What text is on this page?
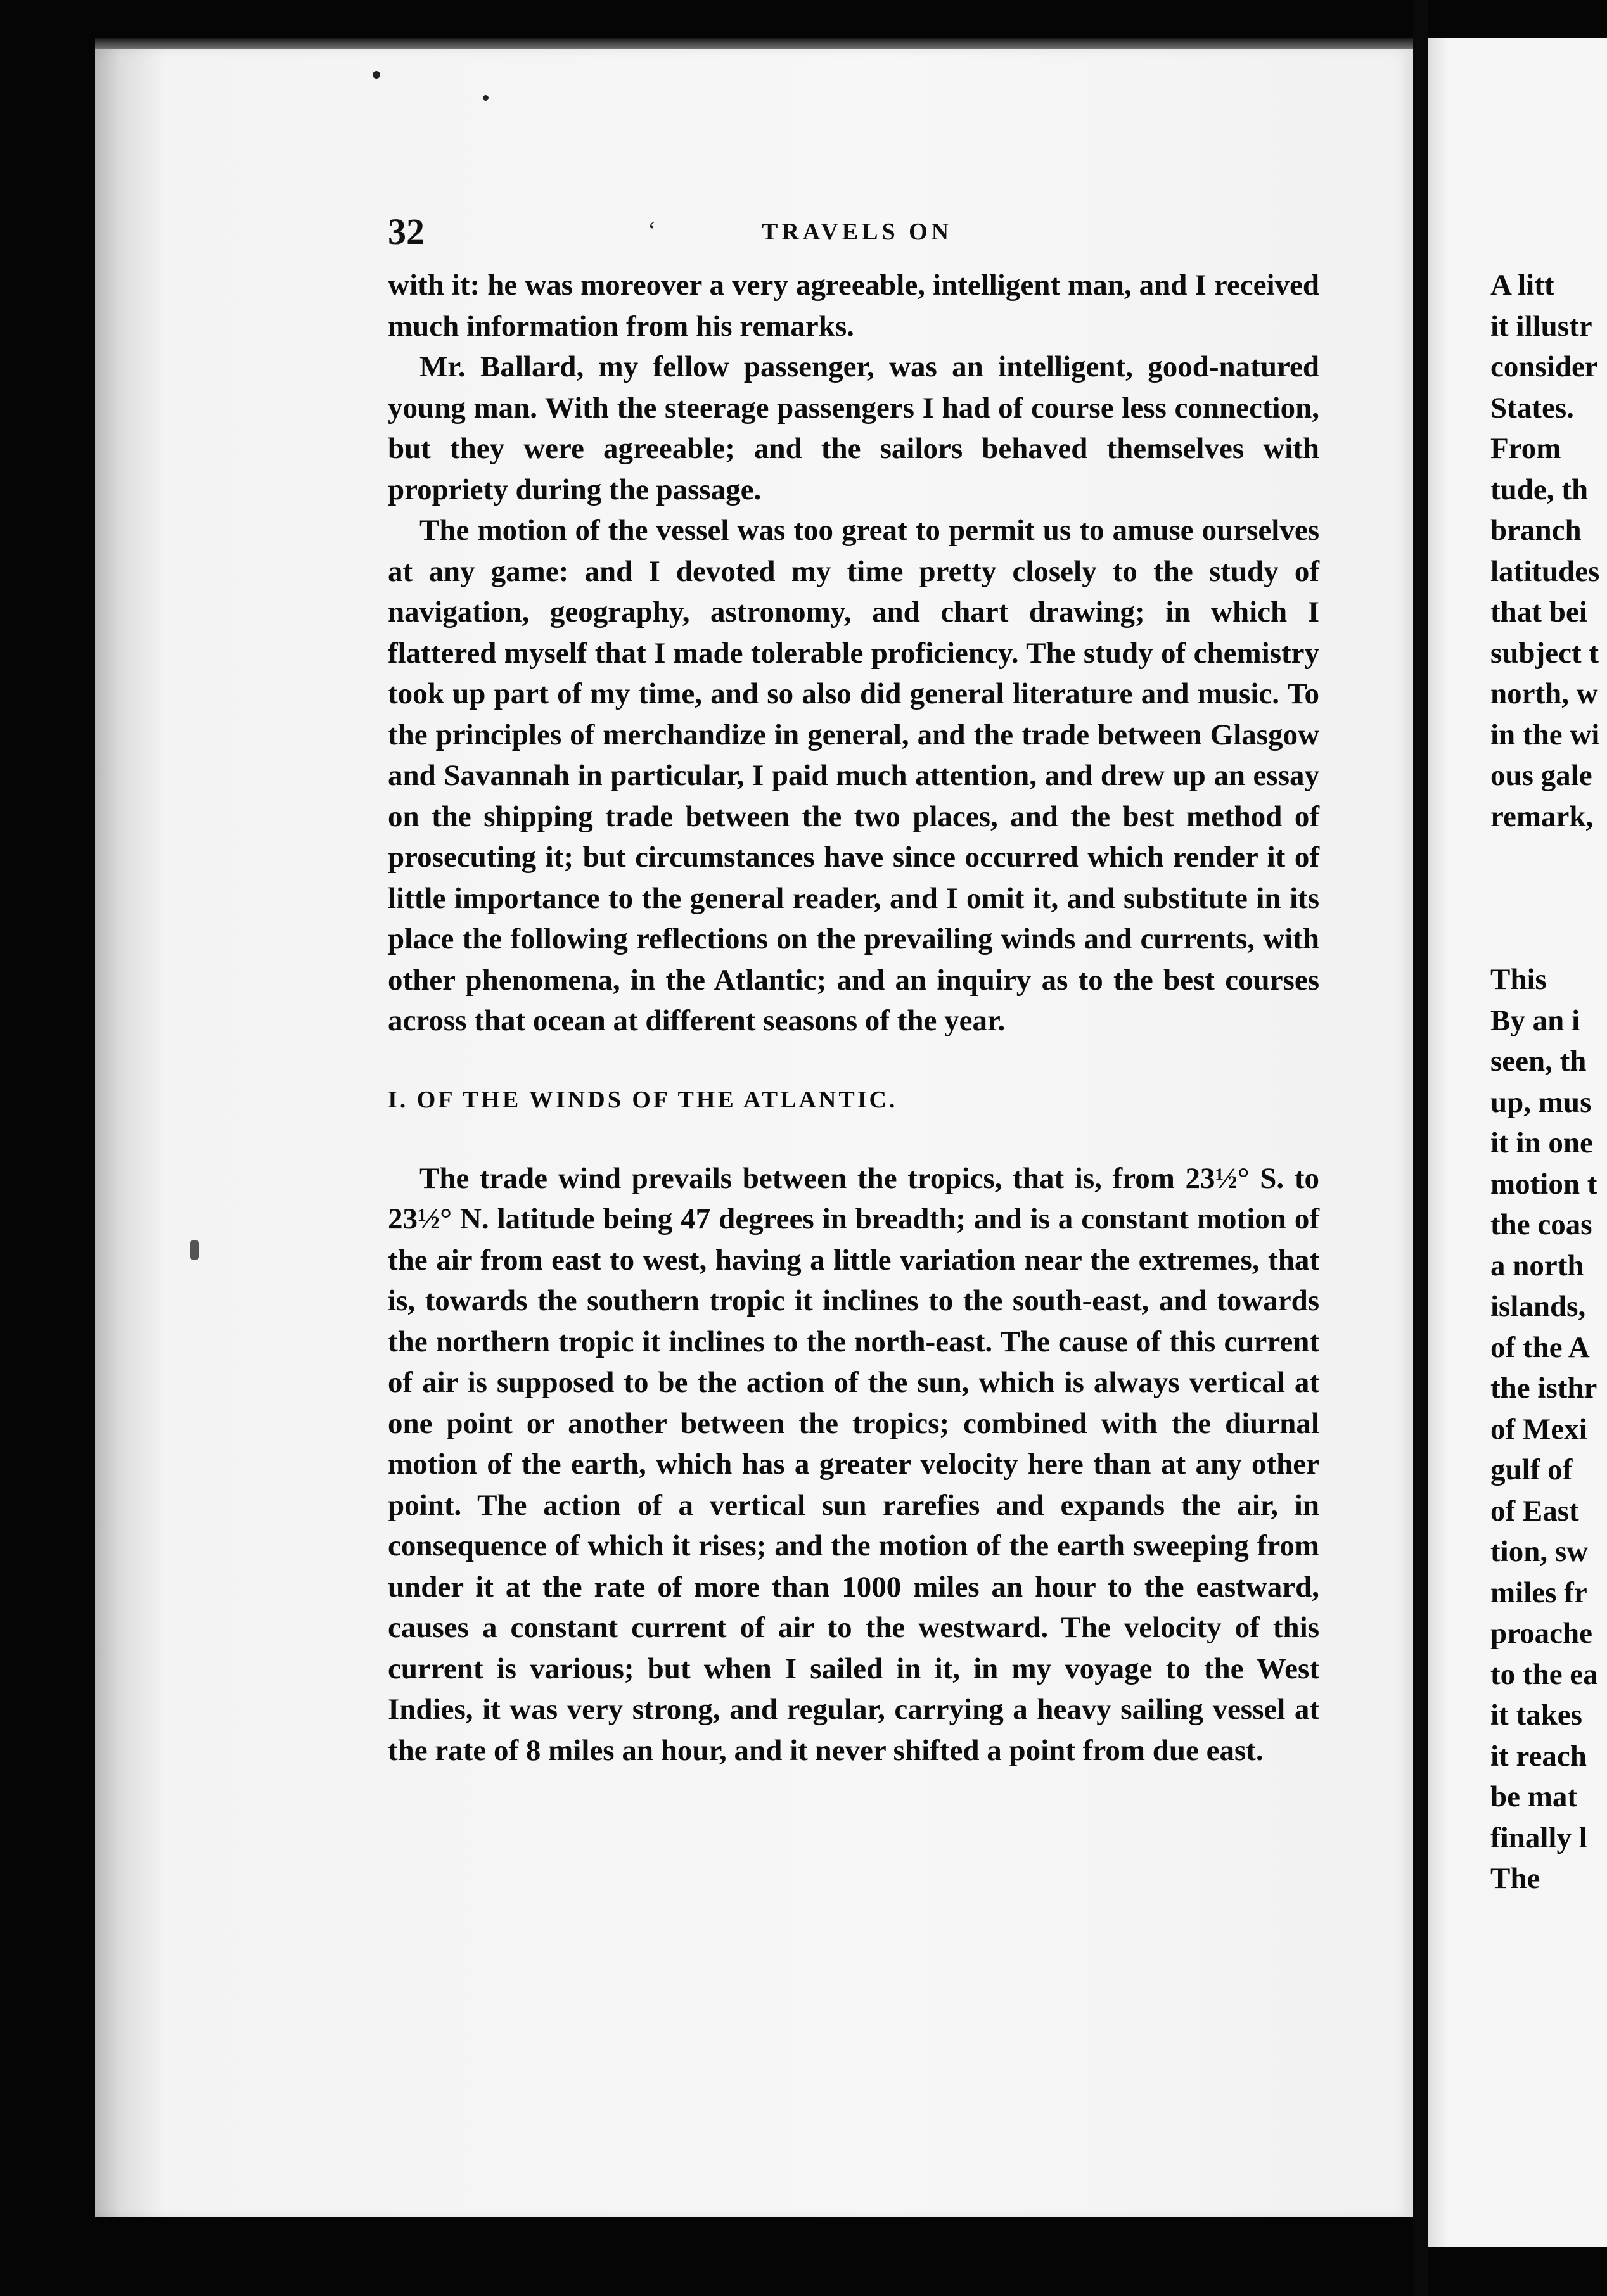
32	ʻ	TRAVELS ON

with it: he was moreover a very agreeable, intelligent man, and I received much information from his remarks.

Mr. Ballard, my fellow passenger, was an intelligent, good-natured young man. With the steerage passengers I had of course less connection, but they were agreeable; and the sailors behaved themselves with propriety during the passage.

The motion of the vessel was too great to permit us to amuse ourselves at any game: and I devoted my time pretty closely to the study of navigation, geography, astronomy, and chart drawing; in which I flattered myself that I made tolerable proficiency. The study of chemistry took up part of my time, and so also did general literature and music. To the principles of merchandize in general, and the trade between Glasgow and Savannah in particular, I paid much attention, and drew up an essay on the shipping trade between the two places, and the best method of prosecuting it; but circumstances have since occurred which render it of little importance to the general reader, and I omit it, and substitute in its place the following reflections on the prevailing winds and currents, with other phenomena, in the Atlantic; and an inquiry as to the best courses across that ocean at different seasons of the year.

I. OF THE WINDS OF THE ATLANTIC.

The trade wind prevails between the tropics, that is, from 23½° S. to 23½° N. latitude being 47 degrees in breadth; and is a constant motion of the air from east to west, having a little variation near the extremes, that is, towards the southern tropic it inclines to the south-east, and towards the northern tropic it inclines to the north-east. The cause of this current of air is supposed to be the action of the sun, which is always vertical at one point or another between the tropics; combined with the diurnal motion of the earth, which has a greater velocity here than at any other point. The action of a vertical sun rarefies and expands the air, in consequence of which it rises; and the motion of the earth sweeping from under it at the rate of more than 1000 miles an hour to the eastward, causes a constant current of air to the westward. The velocity of this current is various; but when I sailed in it, in my voyage to the West Indies, it was very strong, and regular, carrying a heavy sailing vessel at the rate of 8 miles an hour, and it never shifted a point from due east.

A litt
it illustr
consider
States.
From
tude, th
branch
latitudes
that bei
subject t
north, w
in the wi
ous gale
remark,
This
By an i
seen, th
up, mus
it in one
motion t
the coas
a north
islands,
of the A
the isthr
of Mexi
gulf of
of East
tion, sw
miles fr
proache
to the ea
it takes
it reach
be mat
finally l
The
